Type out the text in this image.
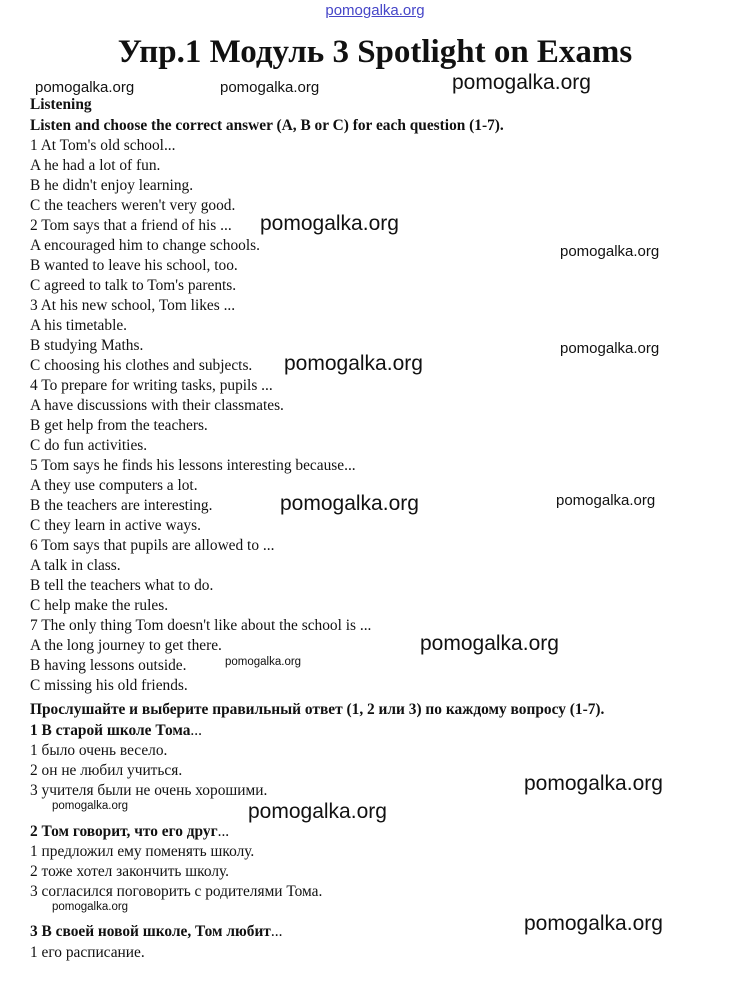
pomogalka.org
Упр.1 Модуль 3 Spotlight on Exams
Listening
Listen and choose the correct answer (A, B or C) for each question (1-7).
1 At Tom's old school...
A he had a lot of fun.
B he didn't enjoy learning.
C the teachers weren't very good.
2 Tom says that a friend of his ...
A encouraged him to change schools.
B wanted to leave his school, too.
C agreed to talk to Tom's parents.
3 At his new school, Tom likes ...
A his timetable.
B studying Maths.
C choosing his clothes and subjects.
4 To prepare for writing tasks, pupils ...
A have discussions with their classmates.
B get help from the teachers.
C do fun activities.
5 Tom says he finds his lessons interesting because...
A they use computers a lot.
B the teachers are interesting.
C they learn in active ways.
6 Tom says that pupils are allowed to ...
A talk in class.
B tell the teachers what to do.
C help make the rules.
7 The only thing Tom doesn't like about the school is ...
A the long journey to get there.
B having lessons outside.
C missing his old friends.
Прослушайте и выберите правильный ответ (1, 2 или 3) по каждому вопросу (1-7).
1 В старой школе Тома...
1 было очень весело.
2 он не любил учиться.
3 учителя были не очень хорошими.
2 Том говорит, что его друг...
1 предложил ему поменять школу.
2 тоже хотел закончить школу.
3 согласился поговорить с родителями Тома.
3 В своей новой школе, Том любит...
1 его расписание.
pomogalka.org	pomogalka.org	pomogalka.org
pomogalka.org
pomogalka.org
pomogalka.org
pomogalka.org
pomogalka.org	pomogalka.org
pomogalka.org
pomogalka.org
pomogalka.org
pomogalka.org	pomogalka.org
pomogalka.org
pomogalka.org
